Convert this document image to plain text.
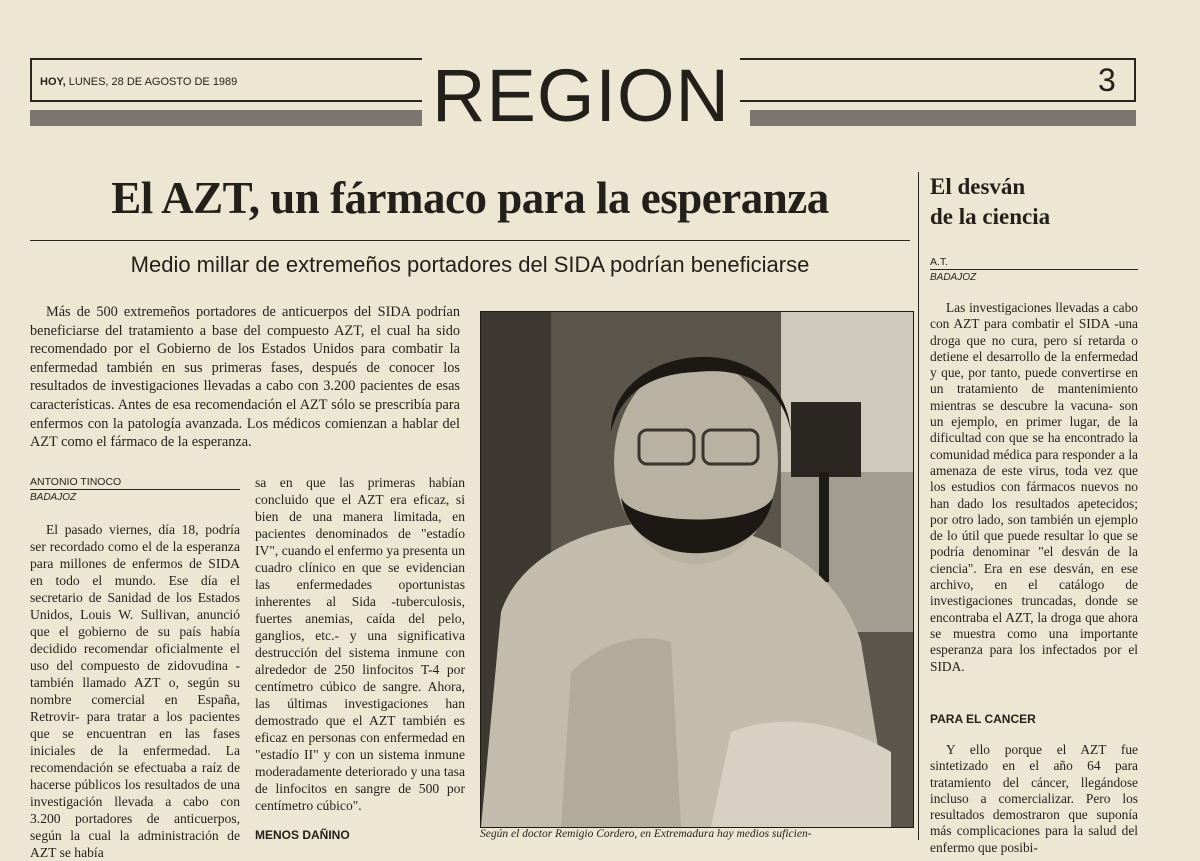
HOY, LUNES, 28 DE AGOSTO DE 1989	REGION	3
El AZT, un fármaco para la esperanza
Medio millar de extremeños portadores del SIDA podrían beneficiarse

Más de 500 extremeños portadores de anticuerpos del SIDA podrían beneficiarse del tratamiento a base del compuesto AZT, el cual ha sido recomendado por el Gobierno de los Estados Unidos para combatir la enfermedad también en sus primeras fases, después de conocer los resultados de investigaciones llevadas a cabo con 3.200 pacientes de esas características. Antes de esa recomendación el AZT sólo se prescribía para enfermos con la patología avanzada. Los médicos comienzan a hablar del AZT como el fármaco de la esperanza.

ANTONIO TINOCO
BADAJOZ

El pasado viernes, día 18, podría ser recordado como el de la esperanza para millones de enfermos de SIDA en todo el mundo. Ese día el secretario de Sanidad de los Estados Unidos, Louis W. Sullivan, anunció que el gobierno de su país había decidido recomendar oficialmente el uso del compuesto de zidovudina -también llamado AZT o, según su nombre comercial en España, Retrovir- para tratar a los pacientes que se encuentran en las fases iniciales de la enfermedad. La recomendación se efectuaba a raíz de hacerse públicos los resultados de una investigación llevada a cabo con 3.200 portadores de anticuerpos, según la cual la administración de AZT se había

sa en que las primeras habían concluido que el AZT era eficaz, si bien de una manera limitada, en pacientes denominados de "estadío IV", cuando el enfermo ya presenta un cuadro clínico en que se evidencian las enfermedades oportunistas inherentes al Sida -tuberculosis, fuertes anemias, caída del pelo, ganglios, etc.- y una significativa destrucción del sistema inmune con alrededor de 250 linfocitos T-4 por centímetro cúbico de sangre. Ahora, las últimas investigaciones han demostrado que el AZT también es eficaz en personas con enfermedad en "estadío II" y con un sistema inmune moderadamente deteriorado y una tasa de linfocitos en sangre de 500 por centímetro cúbico".

MENOS DAÑINO	Según el doctor Remigio Cordero, en Extremadura hay medios suficien-
El desván
de la ciencia
A.T.
BADAJOZ

Las investigaciones llevadas a cabo con AZT para combatir el SIDA -una droga que no cura, pero sí retarda o detiene el desarrollo de la enfermedad y que, por tanto, puede convertirse en un tratamiento de mantenimiento mientras se descubre la vacuna- son un ejemplo, en primer lugar, de la dificultad con que se ha encontrado la comunidad médica para responder a la amenaza de este virus, toda vez que los estudios con fármacos nuevos no han dado los resultados apetecidos; por otro lado, son también un ejemplo de lo útil que puede resultar lo que se podría denominar "el desván de la ciencia". Era en ese desván, en ese archivo, en el catálogo de investigaciones truncadas, donde se encontraba el AZT, la droga que ahora se muestra como una importante esperanza para los infectados por el SIDA.

PARA EL CANCER

Y ello porque el AZT fue sintetizado en el año 64 para tratamiento del cáncer, llegándose incluso a comercializar. Pero los resultados demostraron que suponía más complicaciones para la salud del enfermo que posibi-
